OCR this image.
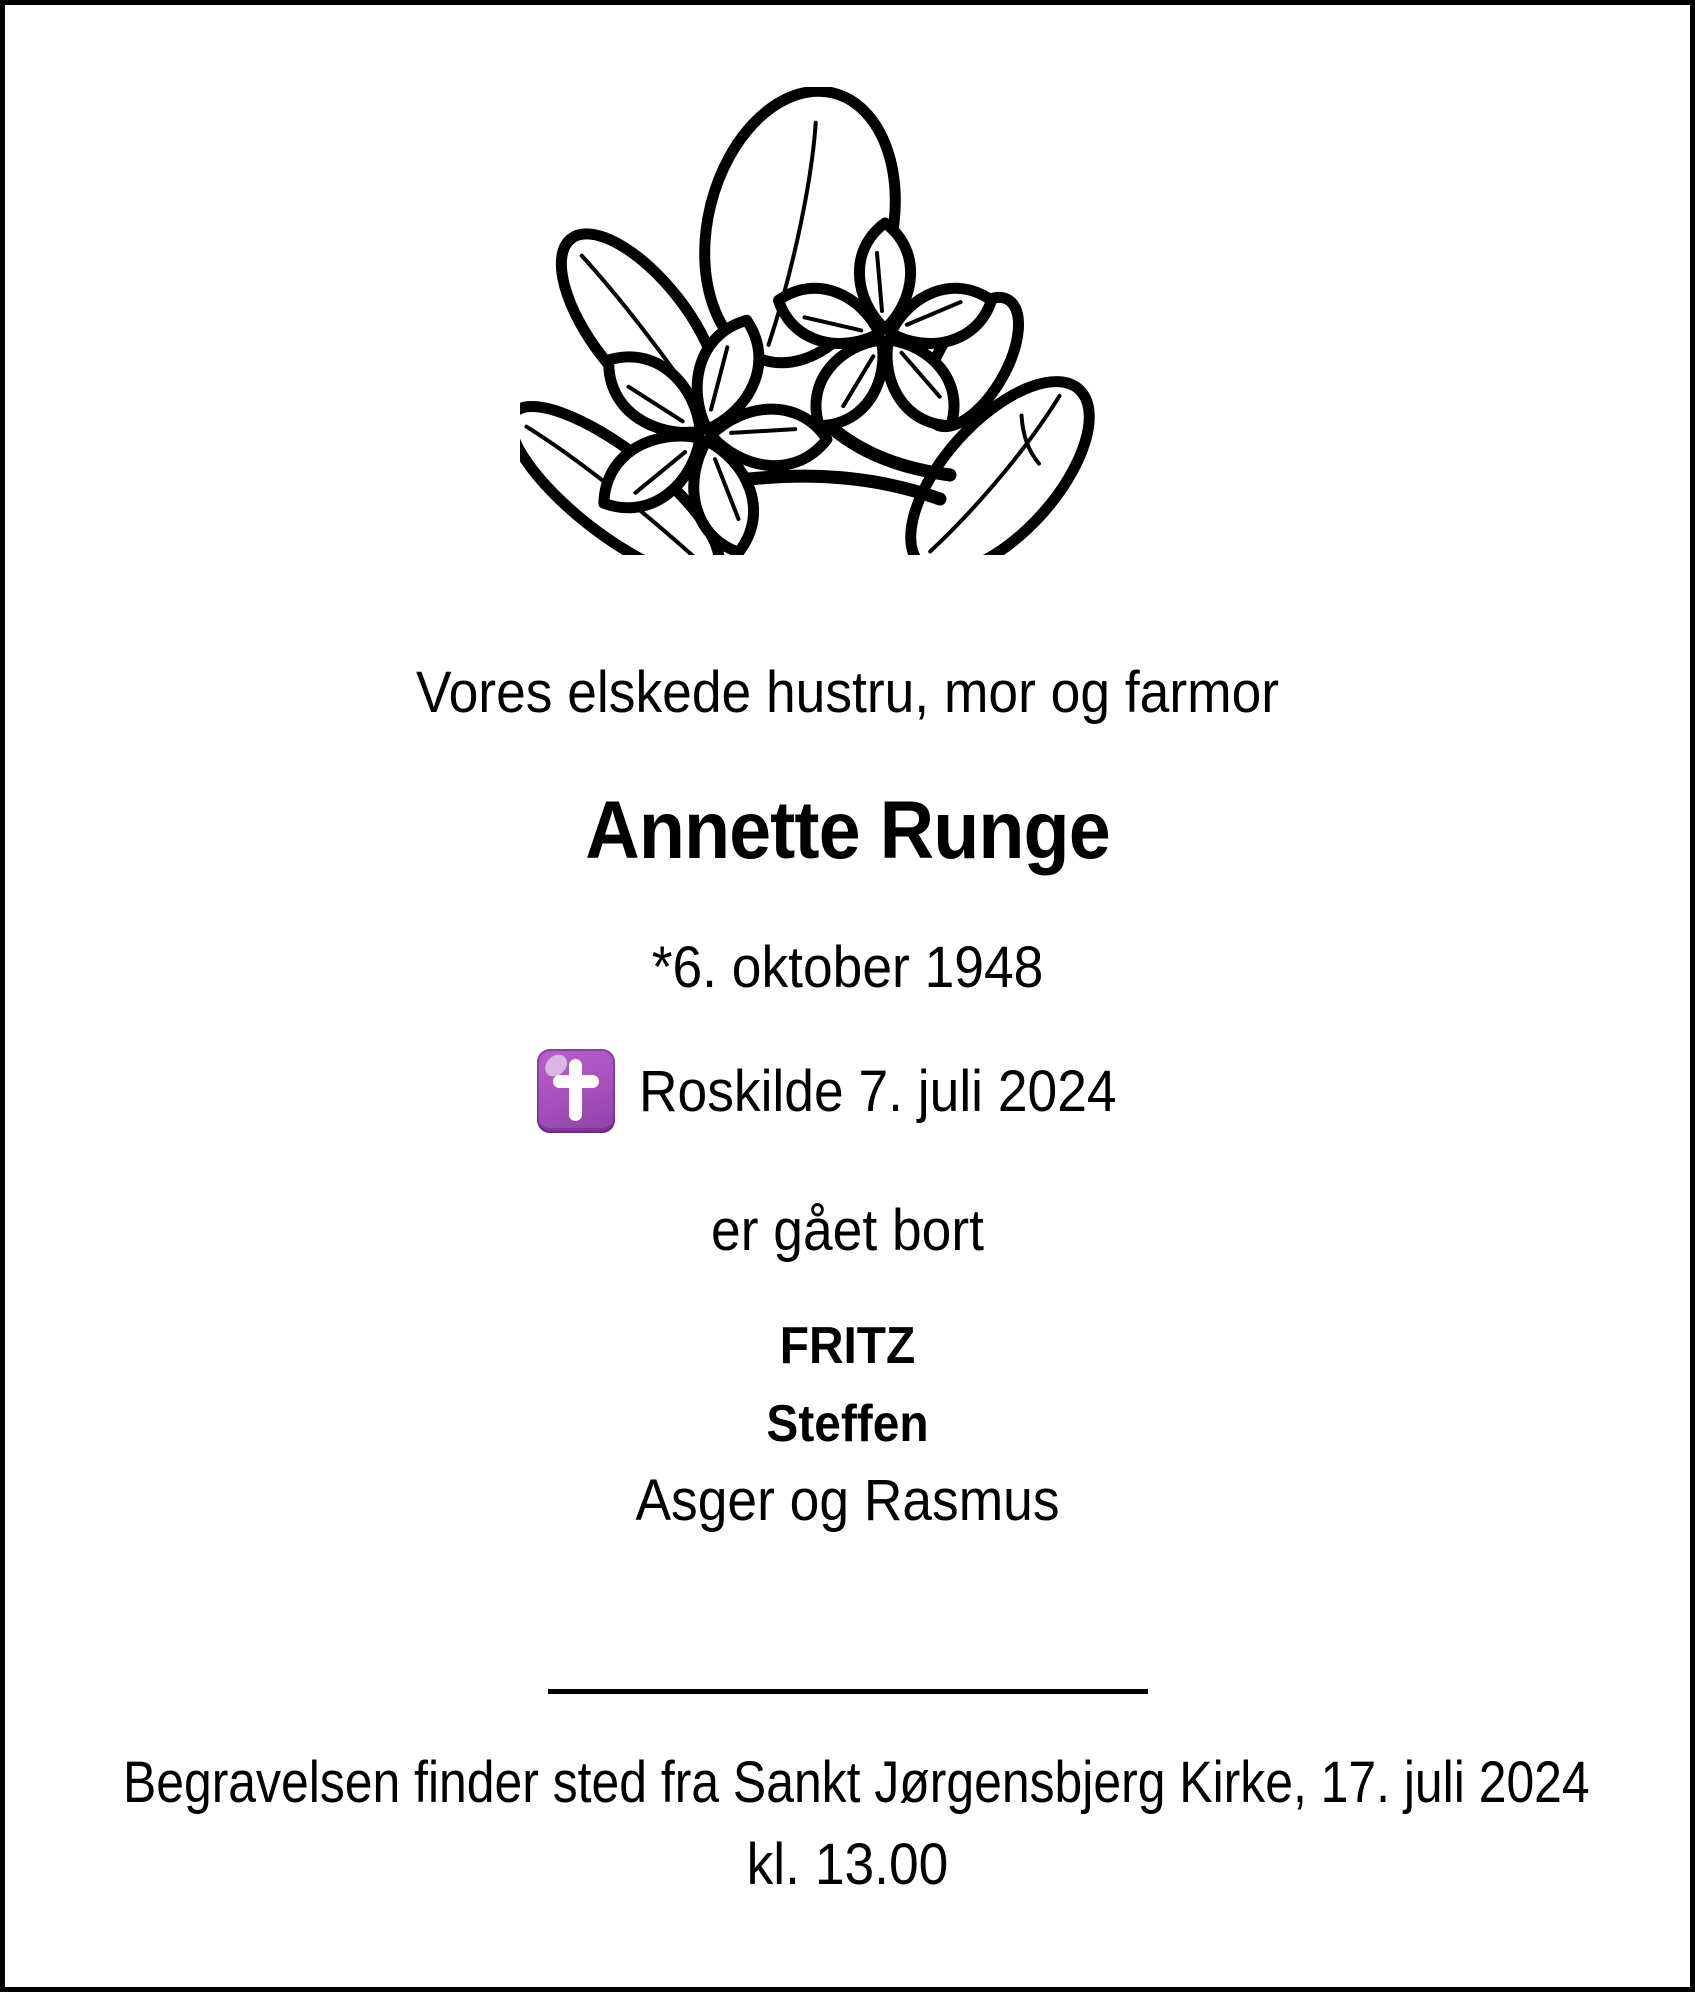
Vores elskede hustru, mor og farmor
Annette Runge
*6. oktober 1948
Roskilde 7. juli 2024
er gået bort
FRITZ
Steffen
Asger og Rasmus
Begravelsen finder sted fra Sankt Jørgensbjerg Kirke, 17. juli 2024
kl. 13.00
